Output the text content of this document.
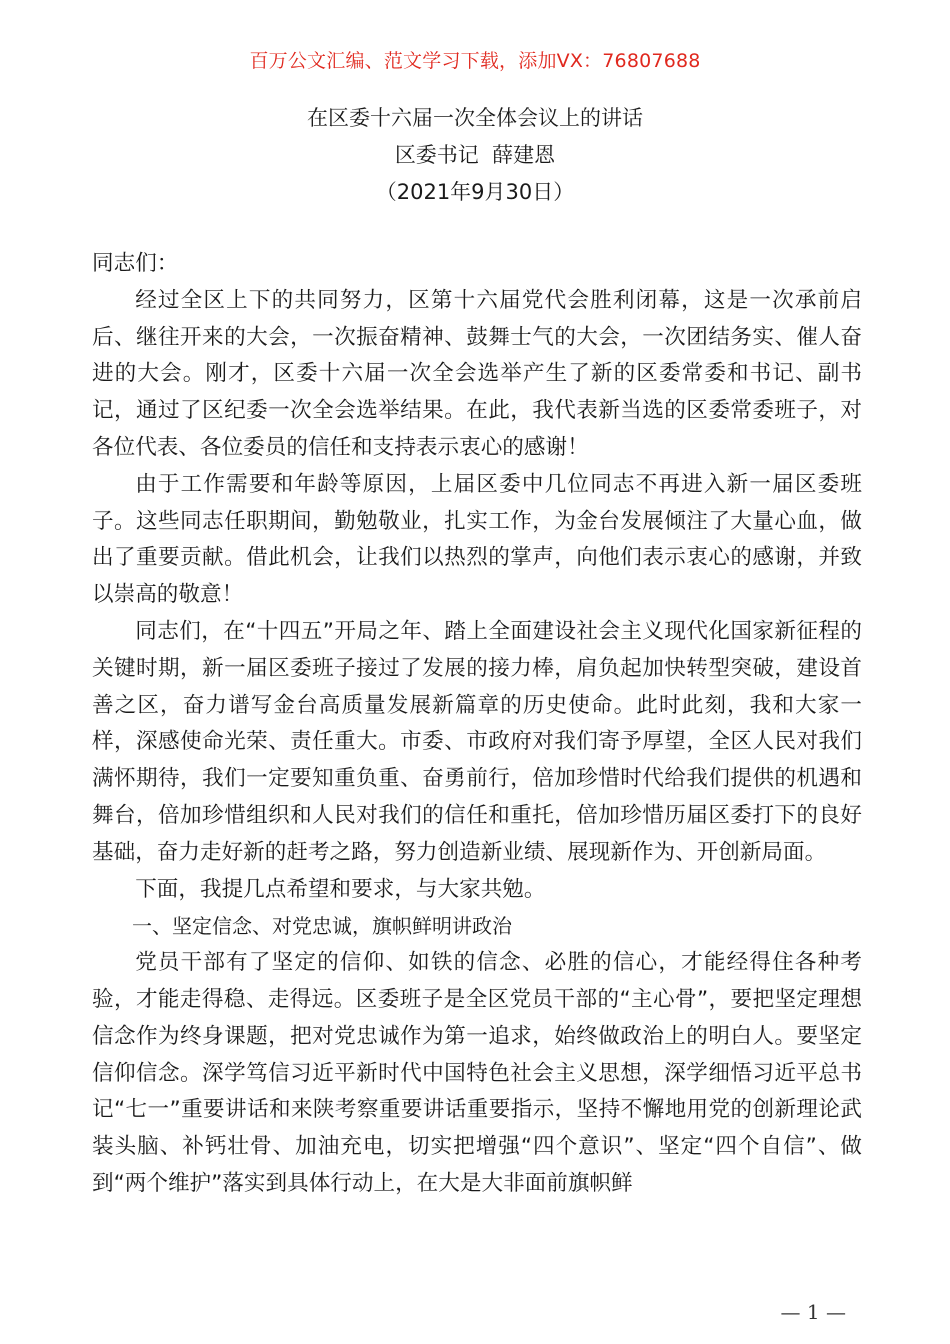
百万公文汇编、范文学习下载，添加VX：76807688
在区委十六届一次全体会议上的讲话
区委书记  薛建恩
（2021年9月30日）

同志们：

经过全区上下的共同努力，区第十六届党代会胜利闭幕，这是一次承前启后、继往开来的大会，一次振奋精神、鼓舞士气的大会，一次团结务实、催人奋进的大会。刚才，区委十六届一次全会选举产生了新的区委常委和书记、副书记，通过了区纪委一次全会选举结果。在此，我代表新当选的区委常委班子，对各位代表、各位委员的信任和支持表示衷心的感谢！

由于工作需要和年龄等原因，上届区委中几位同志不再进入新一届区委班子。这些同志任职期间，勤勉敬业，扎实工作，为金台发展倾注了大量心血，做出了重要贡献。借此机会，让我们以热烈的掌声，向他们表示衷心的感谢，并致以崇高的敬意！

同志们，在“十四五”开局之年、踏上全面建设社会主义现代化国家新征程的关键时期，新一届区委班子接过了发展的接力棒，肩负起加快转型突破，建设首善之区，奋力谱写金台高质量发展新篇章的历史使命。此时此刻，我和大家一样，深感使命光荣、责任重大。市委、市政府对我们寄予厚望，全区人民对我们满怀期待，我们一定要知重负重、奋勇前行，倍加珍惜时代给我们提供的机遇和舞台，倍加珍惜组织和人民对我们的信任和重托，倍加珍惜历届区委打下的良好基础，奋力走好新的赶考之路，努力创造新业绩、展现新作为、开创新局面。

下面，我提几点希望和要求，与大家共勉。

一、坚定信念、对党忠诚，旗帜鲜明讲政治

党员干部有了坚定的信仰、如铁的信念、必胜的信心，才能经得住各种考验，才能走得稳、走得远。区委班子是全区党员干部的“主心骨”，要把坚定理想信念作为终身课题，把对党忠诚作为第一追求，始终做政治上的明白人。要坚定信仰信念。深学笃信习近平新时代中国特色社会主义思想，深学细悟习近平总书记“七一”重要讲话和来陕考察重要讲话重要指示，坚持不懈地用党的创新理论武装头脑、补钙壮骨、加油充电，切实把增强“四个意识”、坚定“四个自信”、做到“两个维护”落实到具体行动上，在大是大非面前旗帜鲜

— 1 —
